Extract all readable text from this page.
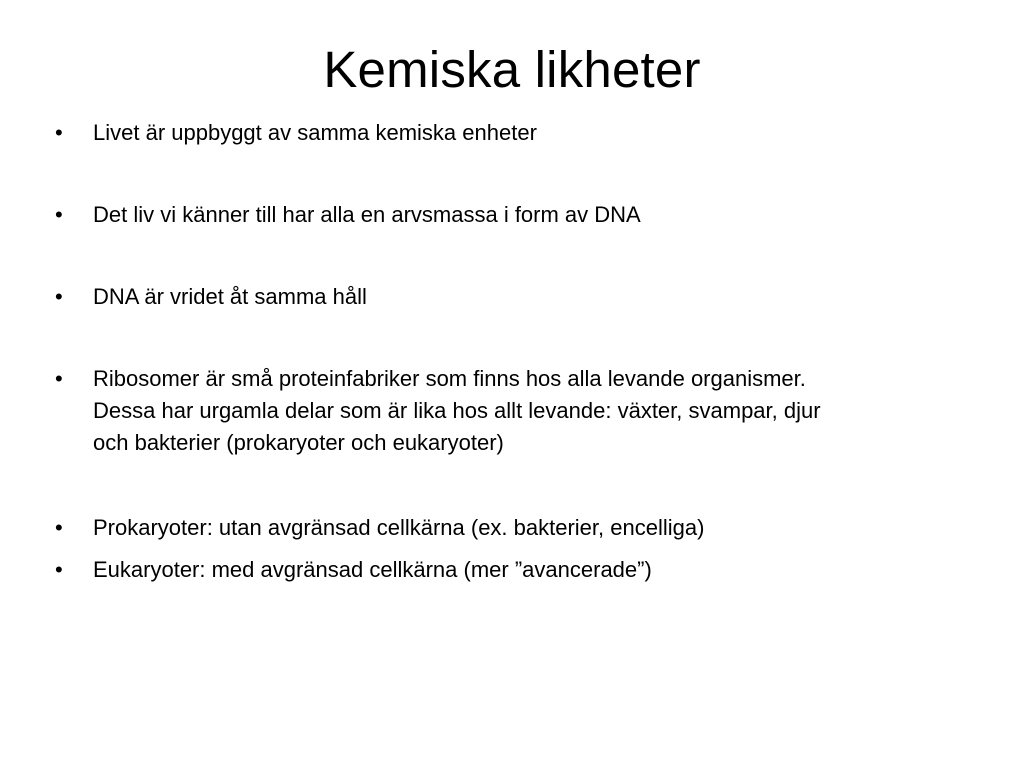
Kemiska likheter
•	Livet är uppbyggt av samma kemiska enheter
•	Det liv vi känner till har alla en arvsmassa i form av DNA
•	DNA är vridet åt samma håll
•	Ribosomer är små proteinfabriker som finns hos alla levande organismer.
Dessa har urgamla delar som är lika hos allt levande: växter, svampar, djur
och bakterier (prokaryoter och eukaryoter)
•	Prokaryoter: utan avgränsad cellkärna (ex. bakterier, encelliga)
•	Eukaryoter: med avgränsad cellkärna (mer ”avancerade”)
